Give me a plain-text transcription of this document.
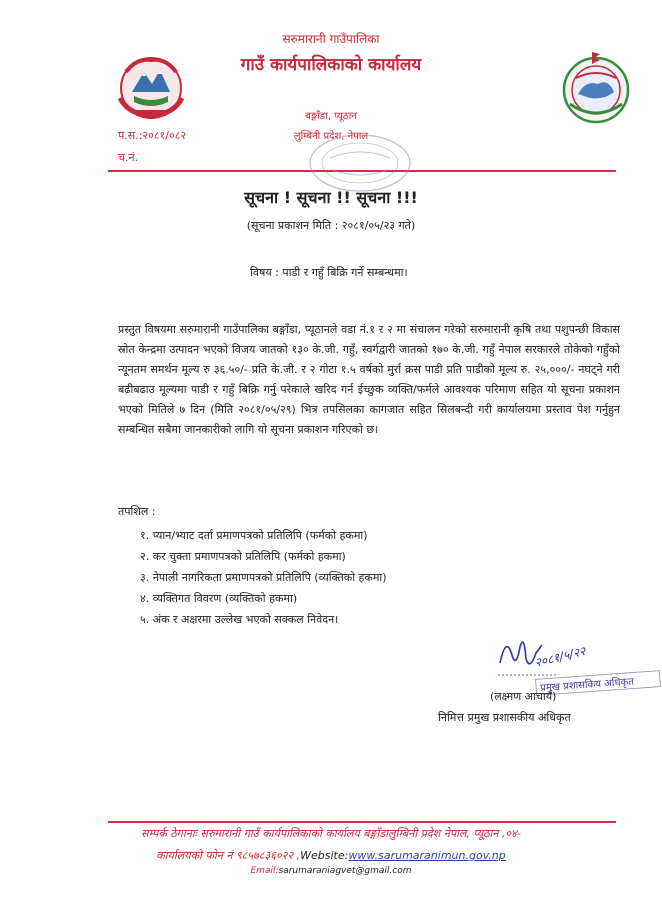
सरुमारानी गाउँपालिका
गाउँ कार्यपालिकाको कार्यालय
बङ्गाँडा, प्यूठान
लुम्बिनी प्रदेश, नेपाल
प.स.:२०८१/०८२
च.नं.
सूचना ! सूचना !! सूचना !!!
(सूचना प्रकाशन मिति : २०८१/०५/२३ गते)
विषय : पाडी र गहुँ बिक्रि गर्ने सम्बन्धमा।
प्रस्तुत विषयमा सरुमारानी गाउँपालिका बङ्गाँडा, प्यूठानले वडा नं.१ र २ मा संचालन गरेको सरुमारानी कृषि तथा पशुपन्छी विकास स्रोत केन्द्रमा उत्पादन भएको विजय जातको १३० के.जी. गहुँ, स्वर्गद्वारी जातको १७० के.जी. गहुँ नेपाल सरकारले तोकेको गहुँको न्यूनतम समर्थन मूल्य रु ३६.५०/- प्रति के.जी. र २ गोटा १.५ वर्षको मुर्रा क्रस पाडी प्रति पाडीको मूल्य रु. २५,०००/- नघट्ने गरी बढीबढाउ मूल्यमा पाडी र गहुँ बिक्रि गर्नु परेकाले खरिद गर्न ईच्छुक व्यक्ति/फर्मले आवश्यक परिमाण सहित यो सूचना प्रकाशन भएको मितिले ७ दिन (मिति २०८१/०५/२९) भित्र तपसिलका कागजात सहित सिलबन्दी गरी कार्यालयमा प्रस्ताव पेश गर्नुहुन सम्बन्धित सबैमा जानकारीको लागि यो सूचना प्रकाशन गरिएको छ।
तपशिल :
१. प्यान/भ्याट दर्ता प्रमाणपत्रको प्रतिलिपि (फर्मको हकमा)
२. कर चुक्ता प्रमाणपत्रको प्रतिलिपि (फर्मको हकमा)
३. नेपाली नागरिकता प्रमाणपत्रको प्रतिलिपि (व्यक्तिको हकमा)
४. व्यक्तिगत विवरण (व्यक्तिको हकमा)
५. अंक र अक्षरमा उल्लेख भएको सक्कल निवेदन।
२०८१/५/२२
प्रमुख प्रशासकिय अधिकृत
(लक्ष्मण आचार्य)
निमित्त प्रमुख प्रशासकीय अधिकृत
सम्पर्क ठेगानाः सरुमारानी गाउँ कार्यपालिकाको कार्यालय बङ्गाँडालुम्बिनी प्रदेश नेपाल, प्यूठान ,०४-
कार्यालयको फोन नं ९८५७८३६०२२ ,Website:www.sarumaranimun.gov.np
Email:sarumaraniagvet@gmail.com
